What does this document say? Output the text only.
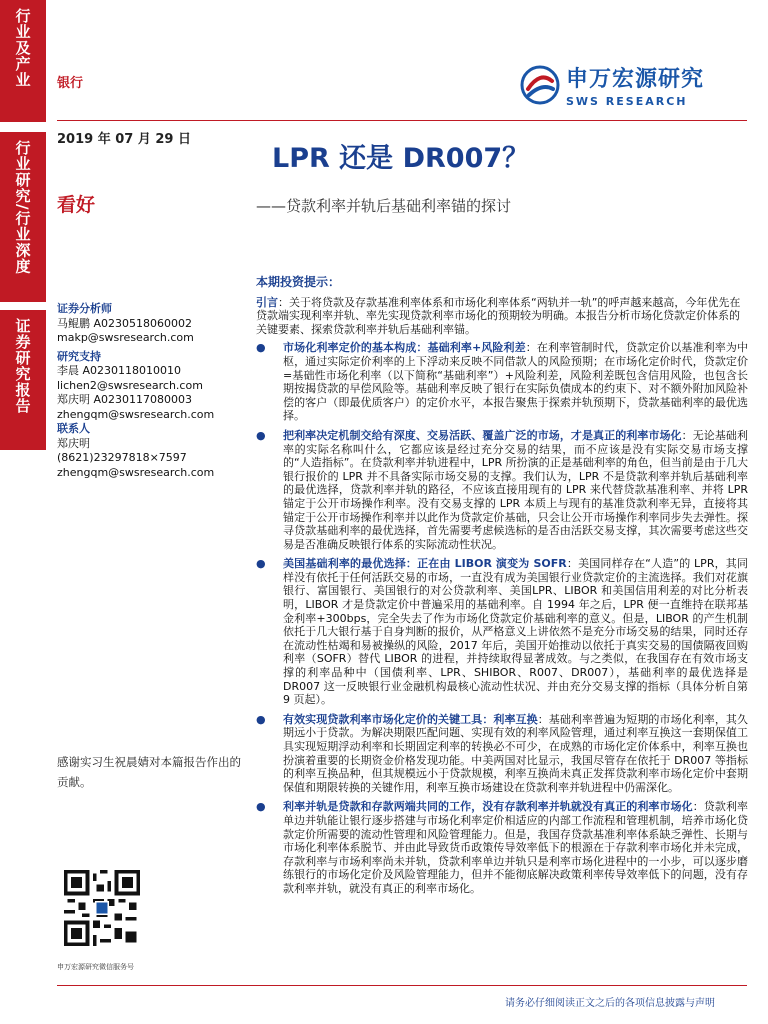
行业及产业
行业研究/行业深度
证券研究报告
银行	申万宏源研究
SWS RESEARCH
2019 年 07 月 29 日
LPR 还是 DR007？
看好	——贷款利率并轨后基础利率锚的探讨
证券分析师
马鲲鹏 A0230518060002
makp@swsresearch.com
研究支持
李晨 A0230118010010
lichen2@swsresearch.com
郑庆明 A0230117080003
zhengqm@swsresearch.com
联系人
郑庆明
(8621)23297818×7597
zhengqm@swsresearch.com
感谢实习生祝晨婧对本篇报告作出的贡献。
申万宏源研究微信服务号
本期投资提示：
引言：关于将贷款及存款基准利率体系和市场化利率体系“两轨并一轨”的呼声越来越高，今年优先在贷款端实现利率并轨、率先实现贷款利率市场化的预期较为明确。本报告分析市场化贷款定价体系的关键要素、探索贷款利率并轨后基础利率锚。
● 市场化利率定价的基本构成：基础利率+风险利差：在利率管制时代，贷款定价以基准利率为中枢，通过实际定价利率的上下浮动来反映不同借款人的风险预期；在市场化定价时代，贷款定价=基础性市场化利率（以下简称“基础利率”）+风险利差，风险利差既包含信用风险，也包含长期按揭贷款的早偿风险等。基础利率反映了银行在实际负债成本的约束下、对不额外附加风险补偿的客户（即最优质客户）的定价水平，本报告聚焦于探索并轨预期下，贷款基础利率的最优选择。
● 把利率决定机制交给有深度、交易活跃、覆盖广泛的市场，才是真正的利率市场化：无论基础利率的实际名称叫什么，它都应该是经过充分交易的结果，而不应该是没有实际交易市场支撑的“人造指标”。在贷款利率并轨进程中，LPR 所扮演的正是基础利率的角色，但当前是由于几大银行报价的 LPR 并不具备实际市场交易的支撑。我们认为，LPR 不是贷款利率并轨后基础利率的最优选择，贷款利率并轨的路径，不应该直接用现有的 LPR 来代替贷款基准利率、并将 LPR 锚定于公开市场操作利率。没有交易支撑的 LPR 本质上与现有的基准贷款利率无异，直接将其锚定于公开市场操作利率并以此作为贷款定价基础，只会让公开市场操作利率同步失去弹性。探寻贷款基础利率的最优选择，首先需要考虑候选标的是否由活跃交易支撑，其次需要考虑这些交易是否准确反映银行体系的实际流动性状况。
● 美国基础利率的最优选择：正在由 LIBOR 演变为 SOFR：美国同样存在“人造”的 LPR，其同样没有依托于任何活跃交易的市场，一直没有成为美国银行业贷款定价的主流选择。我们对花旗银行、富国银行、美国银行的对公贷款利率、美国LPR、LIBOR 和美国信用利差的对比分析表明，LIBOR 才是贷款定价中普遍采用的基础利率。自 1994 年之后，LPR 便一直维持在联邦基金利率+300bps，完全失去了作为市场化贷款定价基础利率的意义。但是，LIBOR 的产生机制依托于几大银行基于自身判断的报价，从严格意义上讲依然不是充分市场交易的结果，同时还存在流动性枯竭和易被操纵的风险，2017 年后，美国开始推动以依托于真实交易的国债隔夜回购利率（SOFR）替代 LIBOR 的进程，并持续取得显著成效。与之类似，在我国存在有效市场支撑的利率品种中（国债利率、LPR、SHIBOR、R007、DR007），基础利率的最优选择是 DR007 这一反映银行业金融机构最核心流动性状况、并由充分交易支撑的指标（具体分析自第 9 页起）。
● 有效实现贷款利率市场化定价的关键工具：利率互换：基础利率普遍为短期的市场化利率，其久期远小于贷款。为解决期限匹配问题、实现有效的利率风险管理，通过利率互换这一套期保值工具实现短期浮动利率和长期固定利率的转换必不可少，在成熟的市场化定价体系中，利率互换也扮演着重要的长期资金价格发现功能。中美两国对比显示，我国尽管存在依托于 DR007 等指标的利率互换品种，但其规模远小于贷款规模，利率互换尚未真正发挥贷款利率市场化定价中套期保值和期限转换的关键作用，利率互换市场建设在贷款利率并轨进程中仍需深化。
● 利率并轨是贷款和存款两端共同的工作，没有存款利率并轨就没有真正的利率市场化：贷款利率单边并轨能让银行逐步搭建与市场化利率定价相适应的内部工作流程和管理机制，培养市场化贷款定价所需要的流动性管理和风险管理能力。但是，我国存贷款基准利率体系缺乏弹性、长期与市场化利率体系脱节、并由此导致货币政策传导效率低下的根源在于存款利率市场化并未完成，存款利率与市场利率尚未并轨，贷款利率单边并轨只是利率市场化进程中的一小步，可以逐步磨练银行的市场化定价及风险管理能力，但并不能彻底解决政策利率传导效率低下的问题，没有存款利率并轨，就没有真正的利率市场化。
请务必仔细阅读正文之后的各项信息披露与声明
